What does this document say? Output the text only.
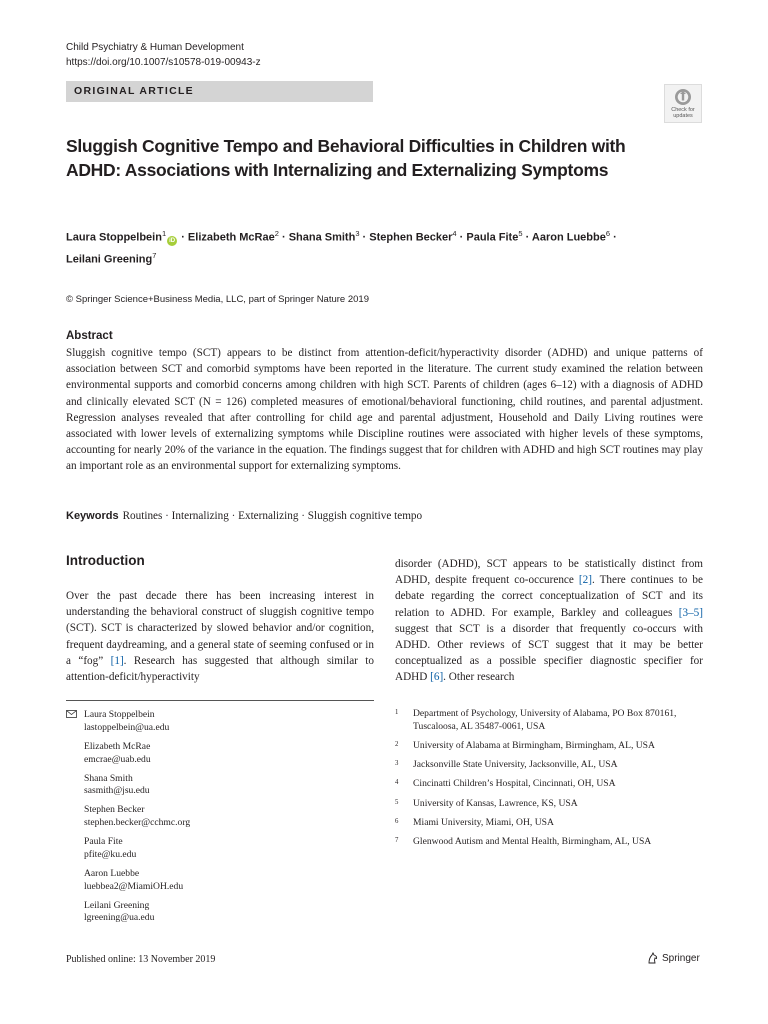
Child Psychiatry & Human Development
https://doi.org/10.1007/s10578-019-00943-z
ORIGINAL ARTICLE
Check for updates
Sluggish Cognitive Tempo and Behavioral Difficulties in Children with ADHD: Associations with Internalizing and Externalizing Symptoms
Laura Stoppelbein$^1$iD · Elizabeth McRae$^2$ · Shana Smith$^3$ · Stephen Becker$^4$ · Paula Fite$^5$ · Aaron Luebbe$^6$ ·
Leilani Greening$^7$
© Springer Science+Business Media, LLC, part of Springer Nature 2019
Abstract

Sluggish cognitive tempo (SCT) appears to be distinct from attention-deficit/hyperactivity disorder (ADHD) and unique patterns of association between SCT and comorbid symptoms have been reported in the literature. The current study examined the relation between environmental supports and comorbid concerns among children with high SCT. Parents of children (ages 6–12) with a diagnosis of ADHD and clinically elevated SCT (N = 126) completed measures of emotional/behavioral functioning, child routines, and parental adjustment. Regression analyses revealed that after controlling for child age and parental adjustment, Household and Daily Living routines were associated with lower levels of externalizing symptoms while Discipline routines were associated with higher levels of these symptoms, accounting for nearly 20% of the variance in the equation. The findings suggest that for children with ADHD and high SCT routines may play an important role as an environmental support for externalizing symptoms.

Keywords Routines · Internalizing · Externalizing · Sluggish cognitive tempo
Introduction

Over the past decade there has been increasing interest in understanding the behavioral construct of sluggish cognitive tempo (SCT). SCT is characterized by slowed behavior and/or cognition, frequent daydreaming, and a general state of seeming confused or in a “fog” [1]. Research has suggested that although similar to attention-deficit/hyperactivity

disorder (ADHD), SCT appears to be statistically distinct from ADHD, despite frequent co-occurence [2]. There continues to be debate regarding the correct conceptualization of SCT and its relation to ADHD. For example, Barkley and colleagues [3–5] suggest that SCT is a disorder that frequently co-occurs with ADHD. Other reviews of SCT suggest that it may be better conceptualized as a possible specifier diagnostic specifier for ADHD [6]. Other research

Laura Stoppelbein
lastoppelbein@ua.edu
Elizabeth McRae
emcrae@uab.edu
Shana Smith
sasmith@jsu.edu
Stephen Becker
stephen.becker@cchmc.org
Paula Fite
pfite@ku.edu
Aaron Luebbe
luebbea2@MiamiOH.edu
Leilani Greening
lgreening@ua.edu
1	Department of Psychology, University of Alabama, PO Box 870161, Tuscaloosa, AL 35487-0061, USA
2	University of Alabama at Birmingham, Birmingham, AL, USA
3	Jacksonville State University, Jacksonville, AL, USA
4	Cincinatti Children’s Hospital, Cincinnati, OH, USA
5	University of Kansas, Lawrence, KS, USA
6	Miami University, Miami, OH, USA
7	Glenwood Autism and Mental Health, Birmingham, AL, USA
Published online: 13 November 2019	Springer
